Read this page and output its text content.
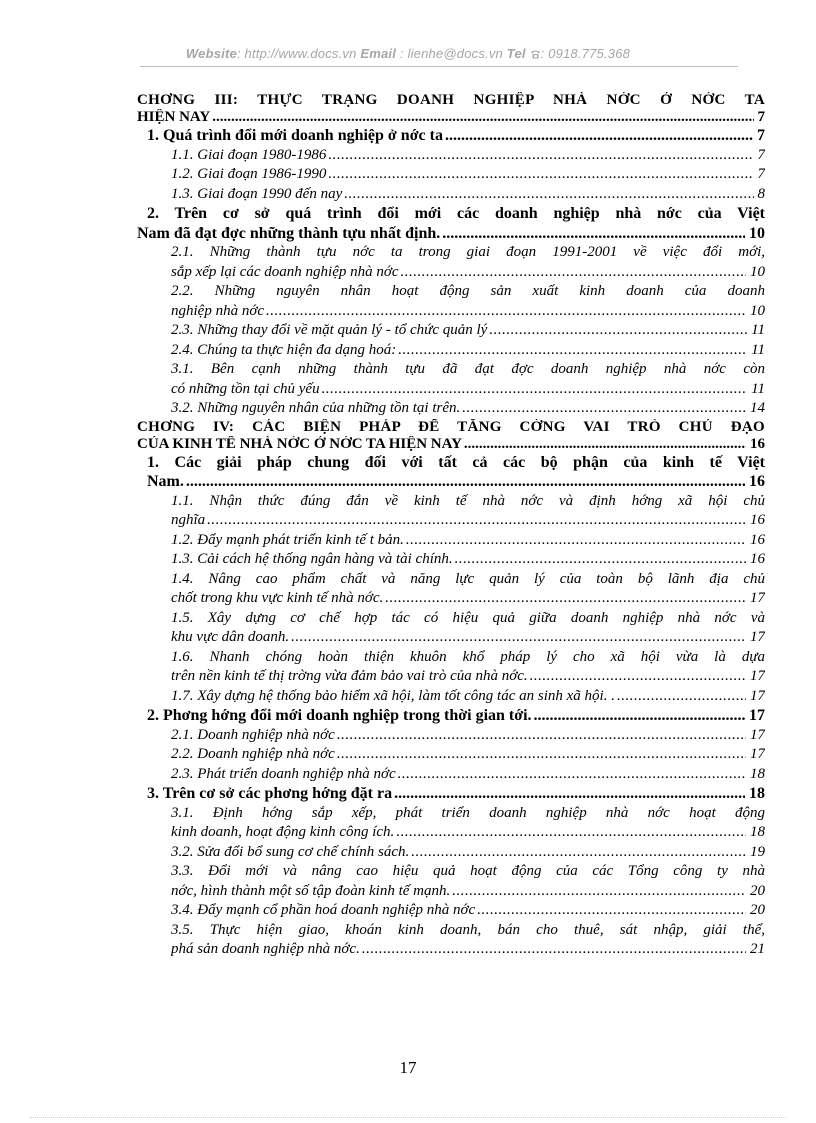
Website: http://www.docs.vn Email : lienhe@docs.vn Tel : 0918.775.368
CHƠNG III: THỰC TRẠNG DOANH NGHIỆP NHÀ NỚC Ở NỚC TA
HIỆN NAY .....	7
1. Quá trình đổi mới doanh nghiệp ở nớc ta .....	7
1.1. Giai đoạn 1980-1986 .....	7
1.2. Giai đoạn 1986-1990 .....	7
1.3. Giai đoạn 1990 đến nay .....	8
2. Trên cơ sở quá trình đổi mới các doanh nghiệp nhà nớc của Việt
Nam đã đạt đợc những thành tựu nhất định. .....	10
2.1. Những thành tựu nớc ta trong giai đoạn 1991-2001 về việc đổi mới,
sắp xếp lại các doanh nghiệp nhà nớc .....	10
2.2. Những nguyên nhân hoạt động sản xuất kinh doanh của doanh
nghiệp nhà nớc .....	10
2.3. Những thay đổi về mặt quản lý - tổ chức quản lý .....	11
2.4. Chúng ta thực hiện đa dạng hoá: .....	11
3.1. Bên cạnh những thành tựu đã đạt đợc doanh nghiệp nhà nớc còn
có những tồn tại chủ yếu .....	11
3.2. Những nguyên nhân của những tồn tại trên. .....	14
CHƠNG IV: CÁC BIỆN PHÁP ĐỂ TĂNG CỜNG VAI TRÒ CHỦ ĐẠO
CỦA KINH TẾ NHÀ NỚC Ở NỚC TA HIỆN NAY .....	16
1. Các giải pháp chung đối với tất cả các bộ phận của kinh tế Việt
Nam. .....	16
1.1. Nhận thức đúng đắn về kinh tế nhà nớc và định hớng xã hội chủ
nghĩa .....	16
1.2. Đẩy mạnh phát triển kinh tế t bản. .....	16
1.3. Cải cách hệ thống ngân hàng và tài chính. .....	16
1.4. Nâng cao phẩm chất và năng lực quản lý của toàn bộ lãnh địa chủ
chốt trong khu vực kinh tế nhà nớc. .....	17
1.5. Xây dựng cơ chế hợp tác có hiệu quả giữa doanh nghiệp nhà nớc và
khu vực dân doanh. .....	17
1.6. Nhanh chóng hoàn thiện khuôn khổ pháp lý cho xã hội vừa là dựa
trên nền kinh tế thị trờng vừa đảm bảo vai trò của nhà nớc. .....	17
1.7. Xây dựng hệ thống bảo hiểm xã hội, làm tốt công tác an sinh xã hội. . .....	17
2. Phơng hớng đổi mới doanh nghiệp trong thời gian tới. .....	17
2.1. Doanh nghiệp nhà nớc .....	17
2.2. Doanh nghiệp nhà nớc .....	17
2.3. Phát triển doanh nghiệp nhà nớc .....	18
3. Trên cơ sở các phơng hớng đặt ra .....	18
3.1. Định hớng sắp xếp, phát triển doanh nghiệp nhà nớc hoạt động
kinh doanh, hoạt động kinh công ích. .....	18
3.2. Sửa đổi bổ sung cơ chế chính sách. .....	19
3.3. Đổi mới và nâng cao hiệu quả hoạt động của các Tổng công ty nhà
nớc, hình thành một số tập đoàn kinh tế mạnh. .....	20
3.4. Đẩy mạnh cổ phần hoá doanh nghiệp nhà nớc .....	20
3.5. Thực hiện giao, khoán kinh doanh, bán cho thuê, sát nhập, giải thể,
phá sản doanh nghiệp nhà nớc. .....	21
17
